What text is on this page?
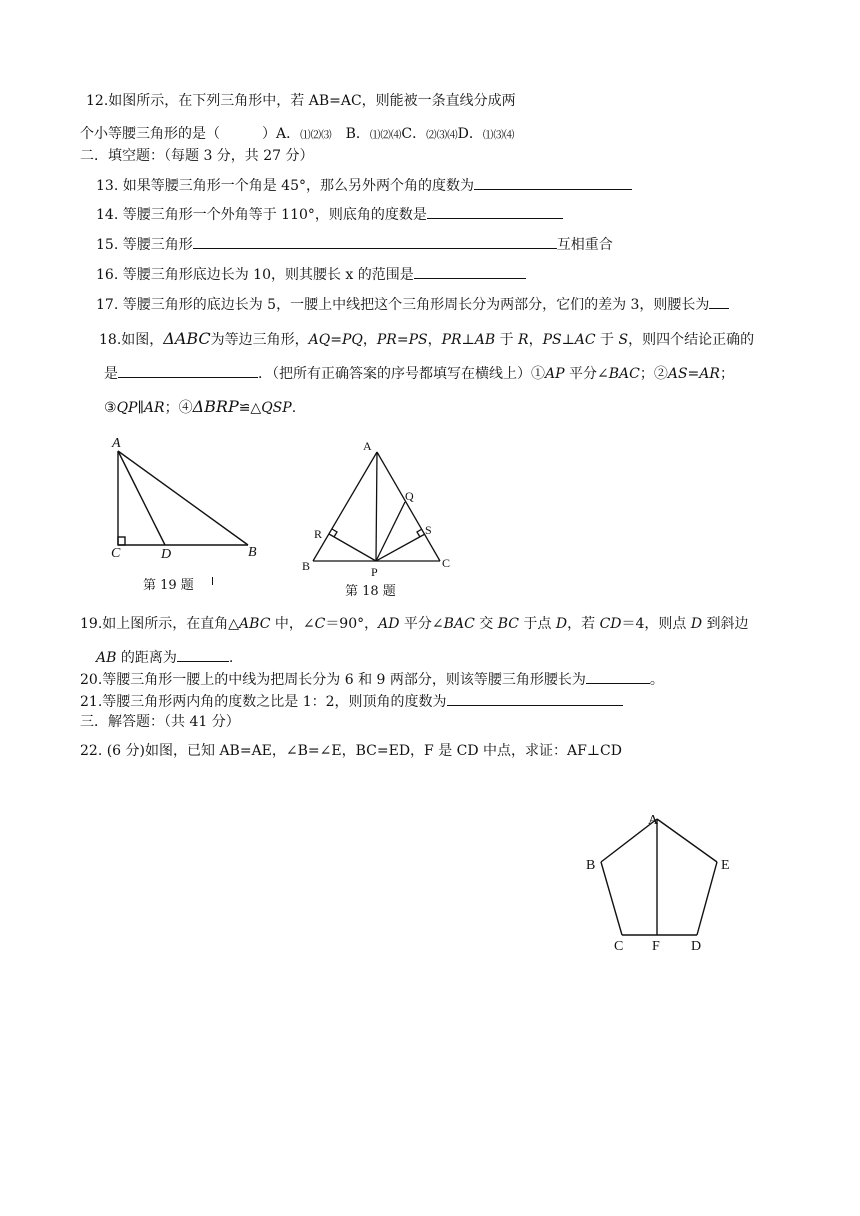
12.如图所示，在下列三角形中，若 AB=AC，则能被一条直线分成两
个小等腰三角形的是（　　　）A．⑴⑵⑶　 B．⑴⑵⑷C．⑵⑶⑷D．⑴⑶⑷
二．填空题：（每题 3 分，共 27 分）
13. 如果等腰三角形一个角是 45°，那么另外两个角的度数为
14. 等腰三角形一个外角等于 110°，则底角的度数是
15. 等腰三角形	互相重合
16. 等腰三角形底边长为 10，则其腰长 x 的范围是
17. 等腰三角形的底边长为 5，一腰上中线把这个三角形周长分为两部分，它们的差为 3，则腰长为
18.如图，ΔABC为等边三角形，AQ=PQ，PR=PS，PR⊥AB 于 R，PS⊥AC 于 S，则四个结论正确的
是	．（把所有正确答案的序号都填写在横线上）①AP 平分∠BAC；②AS=AR；
③QP∥AR；④ΔBRP≌△QSP.
A
C	D	B
第 19 题
A
Q
R	S
B	P
C
第 18 题
19.如上图所示，在直角△ABC 中，∠C＝90°，AD 平分∠BAC 交 BC 于点 D，若 CD＝4，则点 D 到斜边
AB 的距离为	.
20.等腰三角形一腰上的中线为把周长分为 6 和 9 两部分，则该等腰三角形腰长为	。
21.等腰三角形两内角的度数之比是 1：2，则顶角的度数为
三．解答题：（共 41 分）
22. (6 分)如图，已知 AB=AE，∠B=∠E，BC=ED，F 是 CD 中点，求证：AF⊥CD
A
B	E
C F D
